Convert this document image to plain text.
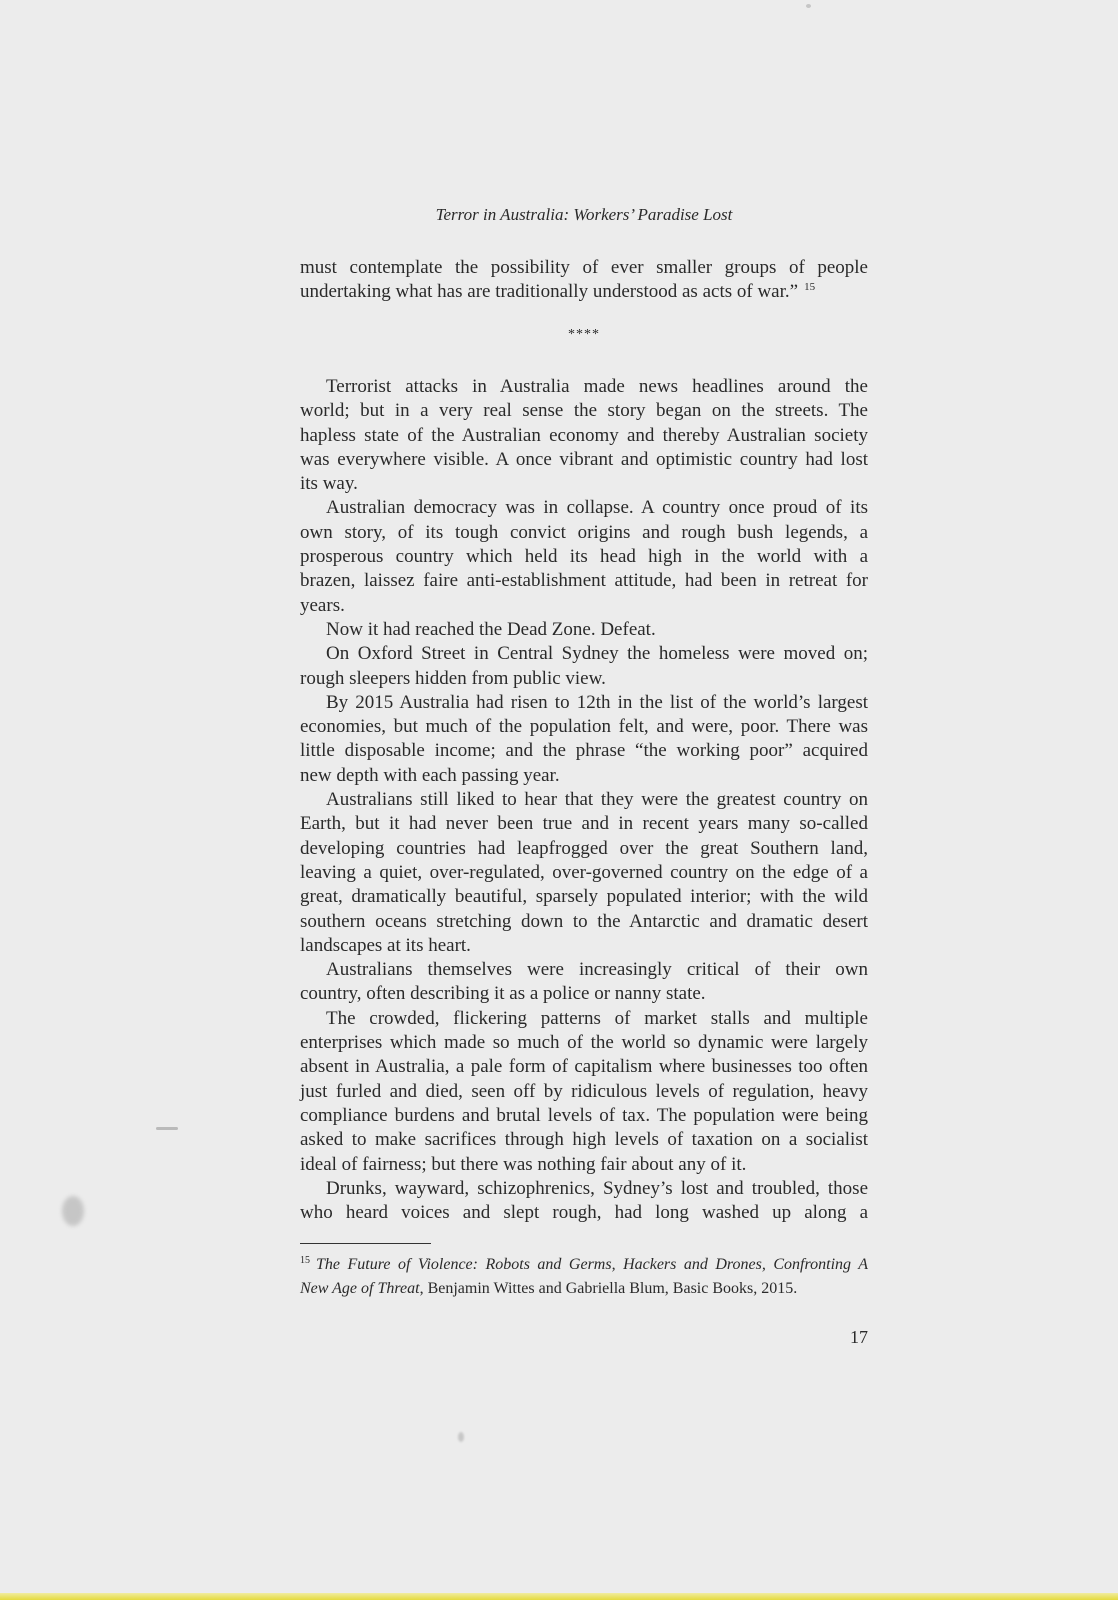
Terror in Australia: Workers’ Paradise Lost
must contemplate the possibility of ever smaller groups of people
undertaking what has are traditionally understood as acts of war.” $^{15}$
****
Terrorist attacks in Australia made news headlines around the
world; but in a very real sense the story began on the streets. The
hapless state of the Australian economy and thereby Australian society
was everywhere visible. A once vibrant and optimistic country had lost
its way.
Australian democracy was in collapse. A country once proud of its
own story, of its tough convict origins and rough bush legends, a
prosperous country which held its head high in the world with a
brazen, laissez faire anti-establishment attitude, had been in retreat for
years.
Now it had reached the Dead Zone. Defeat.
On Oxford Street in Central Sydney the homeless were moved on;
rough sleepers hidden from public view.
By 2015 Australia had risen to 12th in the list of the world’s largest
economies, but much of the population felt, and were, poor. There was
little disposable income; and the phrase “the working poor” acquired
new depth with each passing year.
Australians still liked to hear that they were the greatest country on
Earth, but it had never been true and in recent years many so-called
developing countries had leapfrogged over the great Southern land,
leaving a quiet, over-regulated, over-governed country on the edge of a
great, dramatically beautiful, sparsely populated interior; with the wild
southern oceans stretching down to the Antarctic and dramatic desert
landscapes at its heart.
Australians themselves were increasingly critical of their own
country, often describing it as a police or nanny state.
The crowded, flickering patterns of market stalls and multiple
enterprises which made so much of the world so dynamic were largely
absent in Australia, a pale form of capitalism where businesses too often
just furled and died, seen off by ridiculous levels of regulation, heavy
compliance burdens and brutal levels of tax. The population were being
asked to make sacrifices through high levels of taxation on a socialist
ideal of fairness; but there was nothing fair about any of it.
Drunks, wayward, schizophrenics, Sydney’s lost and troubled, those
who heard voices and slept rough, had long washed up along a
$^{15}$ The Future of Violence: Robots and Germs, Hackers and Drones, Confronting A
New Age of Threat, Benjamin Wittes and Gabriella Blum, Basic Books, 2015.
17
